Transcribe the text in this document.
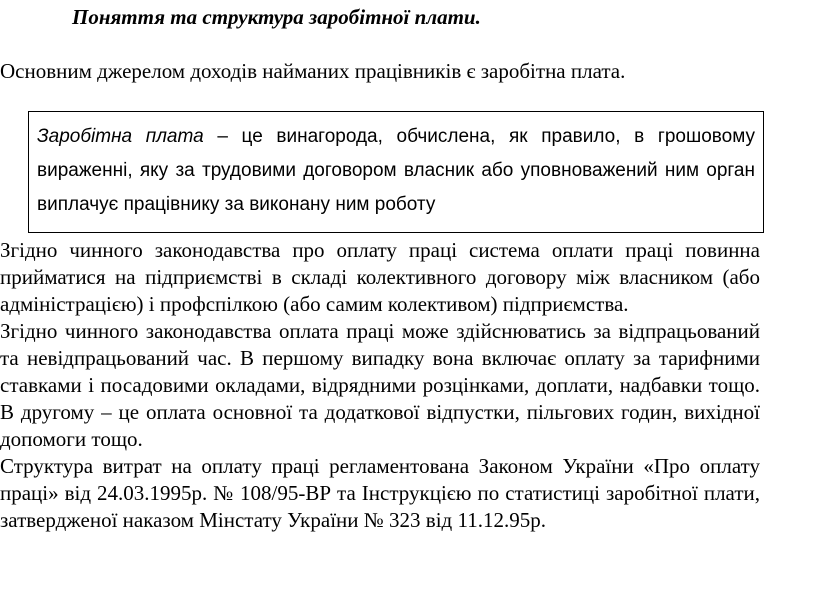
Поняття та структура заробітної плати.

Основним джерелом доходів найманих працівників є заробітна плата.

Заробітна плата – це винагорода, обчислена, як правило, в грошовому вираженні, яку за трудовими договором власник або уповноважений ним орган виплачує працівнику за виконану ним роботу

Згідно чинного законодавства про оплату праці система оплати праці повинна прийматися на підприємстві в складі колективного договору між власником (або адміністрацією) і профспілкою (або самим колективом) підприємства.

Згідно чинного законодавства оплата праці може здійснюватись за відпрацьований та невідпрацьований час. В першому випадку вона включає оплату за тарифними ставками і посадовими окладами, відрядними розцінками, доплати, надбавки тощо. В другому – це оплата основної та додаткової відпустки, пільгових годин, вихідної допомоги тощо.

Структура витрат на оплату праці регламентована Законом України «Про оплату праці» від 24.03.1995р. № 108/95-ВР та Інструкцією по статистиці заробітної плати, затвердженої наказом Мінстату України № 323 від 11.12.95р.
